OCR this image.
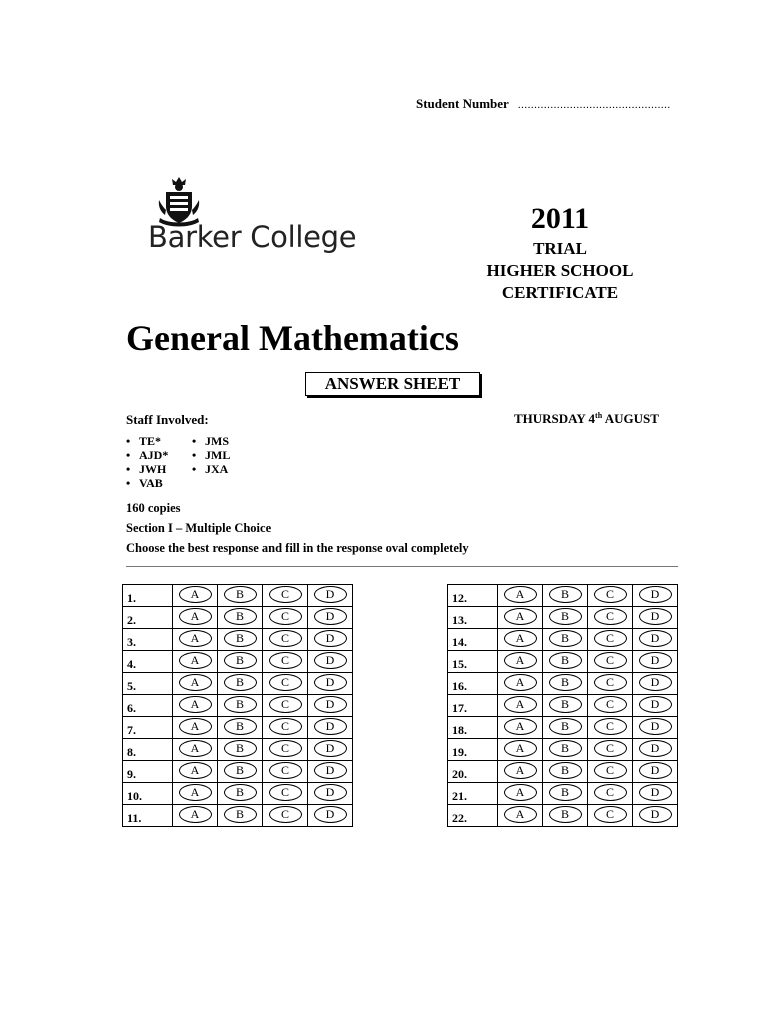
Student Number ...............................................
Barker College
2011
TRIAL
HIGHER SCHOOL
CERTIFICATE
General Mathematics
ANSWER SHEET
Staff Involved:	THURSDAY 4th AUGUST
• TE*
• AJD*
• JWH
• VAB
• JMS
• JML
• JXA
160 copies
Section I – Multiple Choice
Choose the best response and fill in the response oval completely
1.	A	B	C	D
2.	A	B	C	D
3.	A	B	C	D
4.	A	B	C	D
5.	A	B	C	D
6.	A	B	C	D
7.	A	B	C	D
8.	A	B	C	D
9.	A	B	C	D
10.	A	B	C	D
11.	A	B	C	D
12.	A	B	C	D
13.	A	B	C	D
14.	A	B	C	D
15.	A	B	C	D
16.	A	B	C	D
17.	A	B	C	D
18.	A	B	C	D
19.	A	B	C	D
20.	A	B	C	D
21.	A	B	C	D
22.	A	B	C	D
